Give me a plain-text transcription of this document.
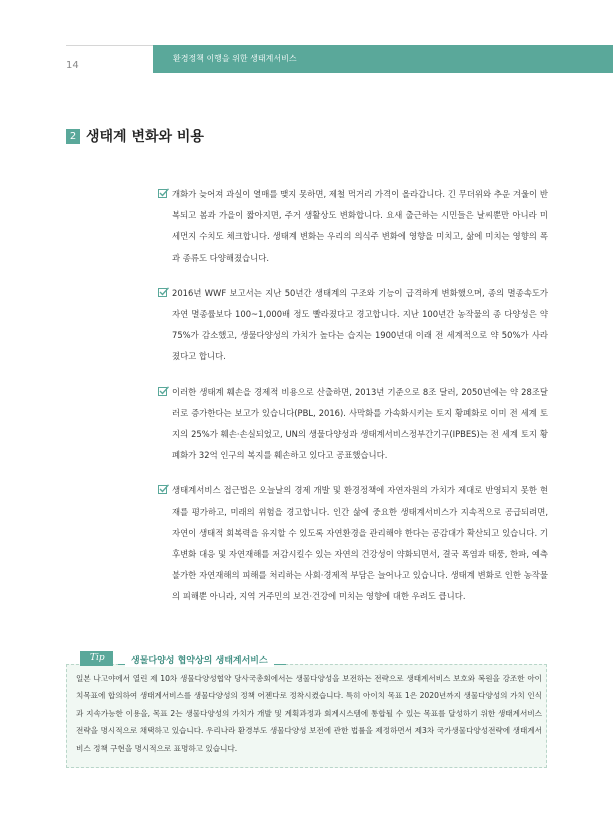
환경정책 이행을 위한 생태계서비스
14
2 생태계 변화와 비용
개화가 늦어져 과실이 열매를 맺지 못하면, 제철 먹거리 가격이 올라갑니다. 긴 무더위와 추운 겨울이 반복되고 봄과 가을이 짧아지면, 주거 생활상도 변화합니다. 요새 출근하는 시민들은 날씨뿐만 아니라 미세먼지 수치도 체크합니다. 생태계 변화는 우리의 의식주 변화에 영향을 미치고, 삶에 미치는 영향의 폭과 종류도 다양해졌습니다.
2016년 WWF 보고서는 지난 50년간 생태계의 구조와 기능이 급격하게 변화했으며, 종의 멸종속도가 자연 멸종률보다 100~1,000배 정도 빨라졌다고 경고합니다. 지난 100년간 농작물의 종 다양성은 약 75%가 감소했고, 생물다양성의 가치가 높다는 습지는 1900년대 이래 전 세계적으로 약 50%가 사라졌다고 합니다.
이러한 생태계 훼손을 경제적 비용으로 산출하면, 2013년 기준으로 8조 달러, 2050년에는 약 28조달러로 증가한다는 보고가 있습니다(PBL, 2016). 사막화를 가속화시키는 토지 황폐화로 이미 전 세계 토지의 25%가 훼손·손실되었고, UN의 생물다양성과 생태계서비스정부간기구(IPBES)는 전 세계 토지 황폐화가 32억 인구의 복지를 훼손하고 있다고 공표했습니다.
생태계서비스 접근법은 오늘날의 경제 개발 및 환경정책에 자연자원의 가치가 제대로 반영되지 못한 현재를 평가하고, 미래의 위험을 경고합니다. 인간 삶에 중요한 생태계서비스가 지속적으로 공급되려면, 자연이 생태적 회복력을 유지할 수 있도록 자연환경을 관리해야 한다는 공감대가 확산되고 있습니다. 기후변화 대응 및 자연재해를 저감시킬수 있는 자연의 건강성이 약화되면서, 결국 폭염과 태풍, 한파, 예측불가한 자연재해의 피해를 처리하는 사회·경제적 부담은 늘어나고 있습니다. 생태계 변화로 인한 농작물의 피해뿐 아니라, 지역 거주민의 보건·건강에 미치는 영향에 대한 우려도 큽니다.
Tip	생물다양성 협약상의 생태계서비스
일본 나고야에서 열린 제 10차 생물다양성협약 당사국총회에서는 생물다양성을 보전하는 전략으로 생태계서비스 보호와 복원을 강조한 아이치목표에 합의하여 생태계서비스를 생물다양성의 정책 어젠다로 정착시켰습니다. 특히 아이치 목표 1은 2020년까지 생물다양성의 가치 인식과 지속가능한 이용을, 목표 2는 생물다양성의 가치가 개발 및 계획과정과 회계시스템에 통합될 수 있는 목표를 달성하기 위한 생태계서비스 전략을 명시적으로 채택하고 있습니다. 우리나라 환경부도 생물다양성 보전에 관한 법률을 제정하면서 제3차 국가생물다양성전략에 생태계서비스 정책 구현을 명시적으로 표명하고 있습니다.
